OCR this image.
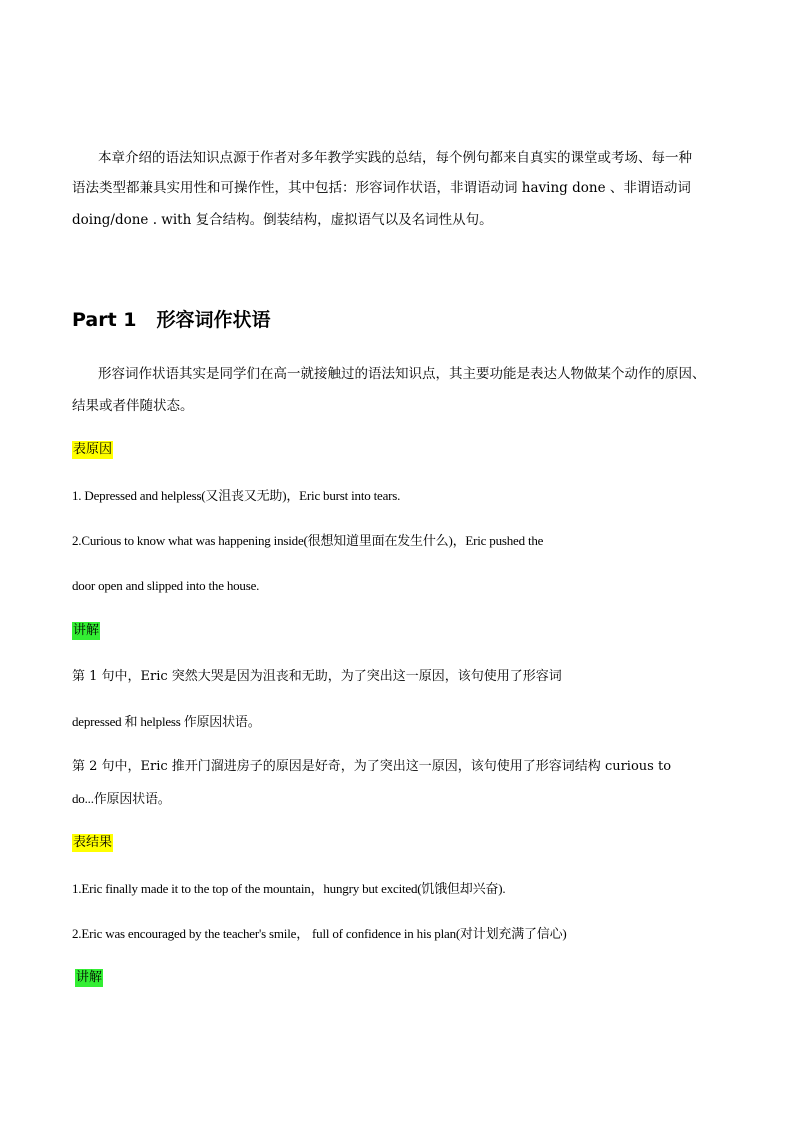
本章介绍的语法知识点源于作者对多年教学实践的总结，每个例句都来自真实的课堂或考场、每一种
语法类型都兼具实用性和可操作性，其中包括：形容词作状语，非谓语动词 having done 、非谓语动词
doing/done . with 复合结构。倒装结构，虚拟语气以及名词性从句。
Part 1 形容词作状语
形容词作状语其实是同学们在高一就接触过的语法知识点，其主要功能是表达人物做某个动作的原因、
结果或者伴随状态。
表原因
1. Depressed and helpless(又沮丧又无助)，Eric burst into tears.
2.Curious to know what was happening inside(很想知道里面在发生什么)，Eric pushed the
door open and slipped into the house.
讲解
第 1 句中，Eric 突然大哭是因为沮丧和无助，为了突出这一原因，该句使用了形容词
depressed 和 helpless 作原因状语。
第 2 句中，Eric 推开门溜进房子的原因是好奇，为了突出这一原因，该句使用了形容词结构 curious to
do...作原因状语。
表结果
1.Eric finally made it to the top of the mountain，hungry but excited(饥饿但却兴奋).
2.Eric was encouraged by the teacher's smile， full of confidence in his plan(对计划充满了信心)
讲解
